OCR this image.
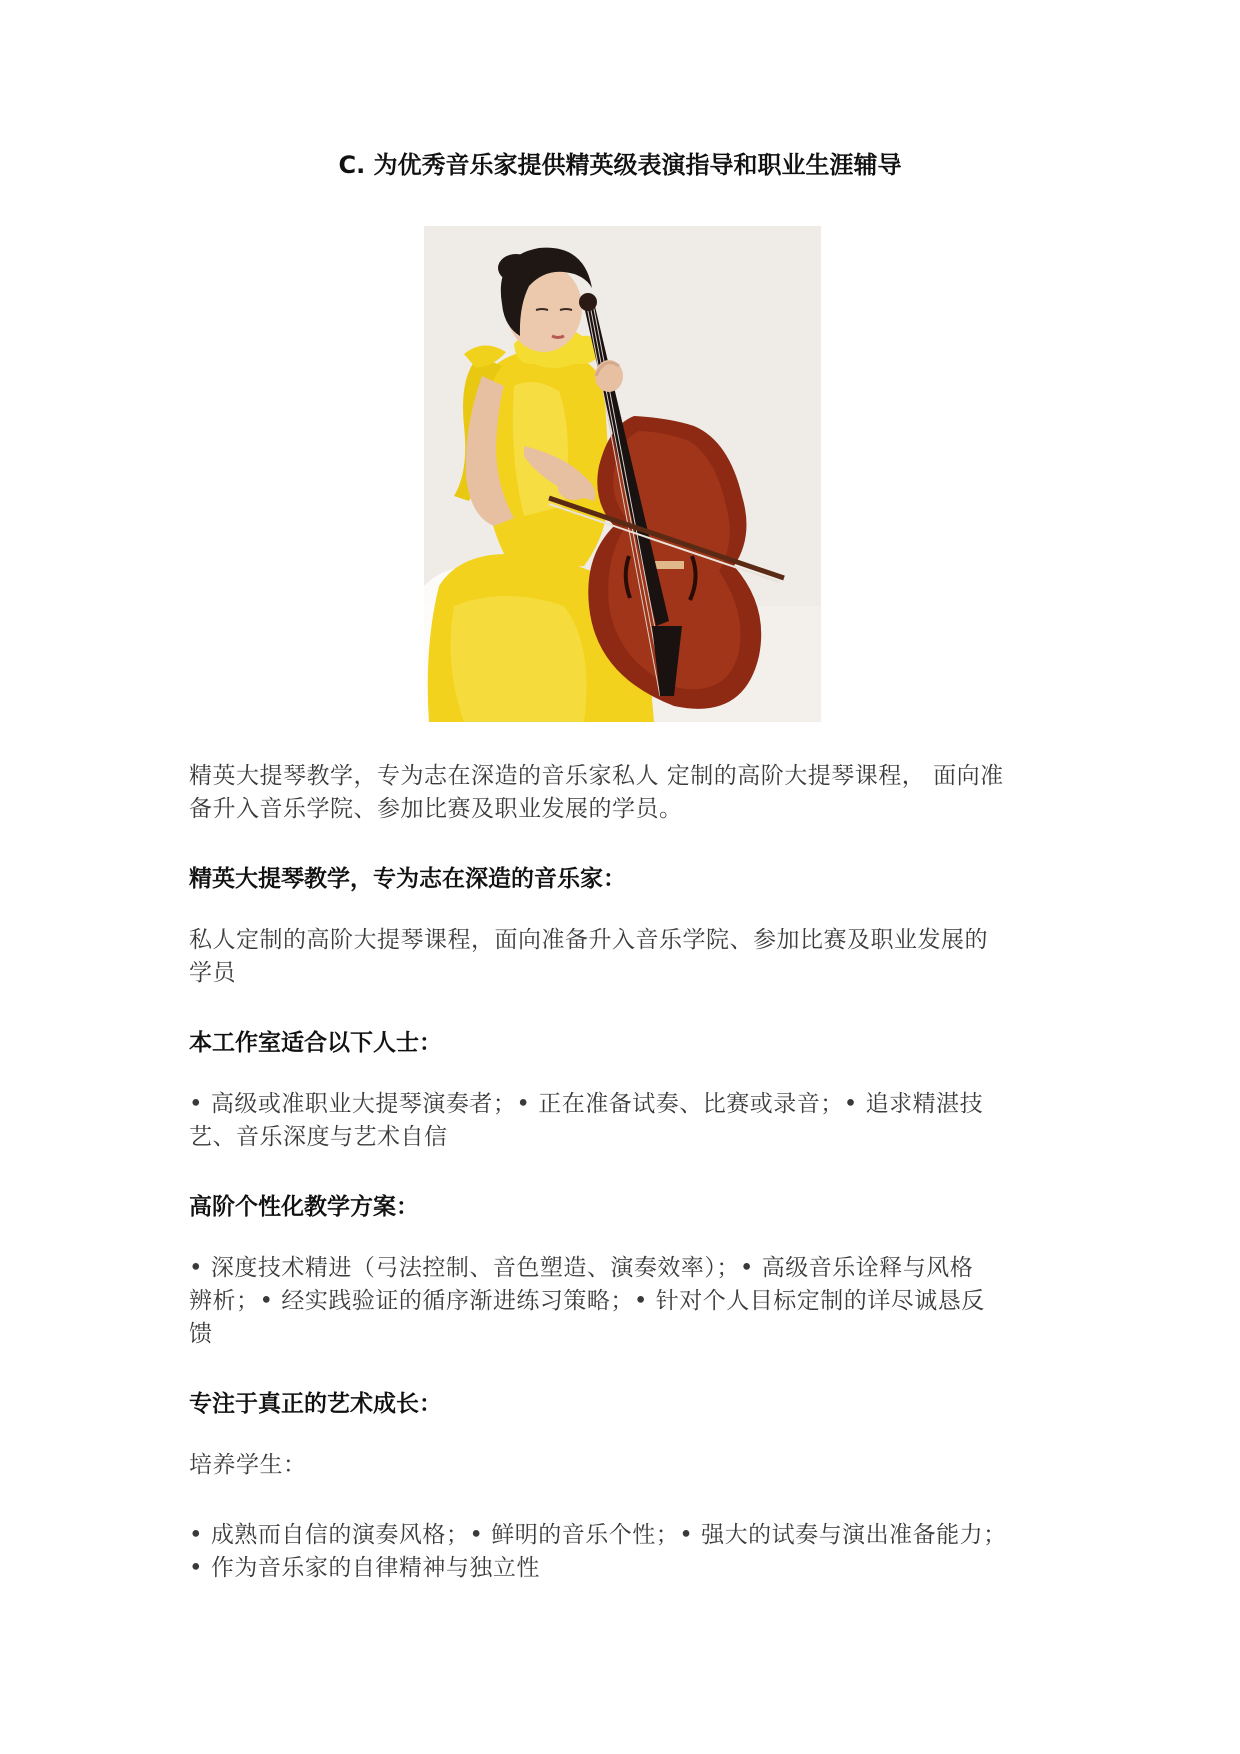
C. 为优秀音乐家提供精英级表演指导和职业生涯辅导

精英大提琴教学，专为志在深造的音乐家私人 定制的高阶大提琴课程， 面向准

备升入音乐学院、参加比赛及职业发展的学员。

精英大提琴教学，专为志在深造的音乐家：

私人定制的高阶大提琴课程，面向准备升入音乐学院、参加比赛及职业发展的

学员

本工作室适合以下人士：

• 高级或准职业大提琴演奏者；• 正在准备试奏、比赛或录音；• 追求精湛技

艺、音乐深度与艺术自信

高阶个性化教学方案：

• 深度技术精进（弓法控制、音色塑造、演奏效率）；• 高级音乐诠释与风格

辨析；• 经实践验证的循序渐进练习策略；• 针对个人目标定制的详尽诚恳反

馈

专注于真正的艺术成长：

培养学生：

• 成熟而自信的演奏风格；• 鲜明的音乐个性；• 强大的试奏与演出准备能力；

• 作为音乐家的自律精神与独立性
